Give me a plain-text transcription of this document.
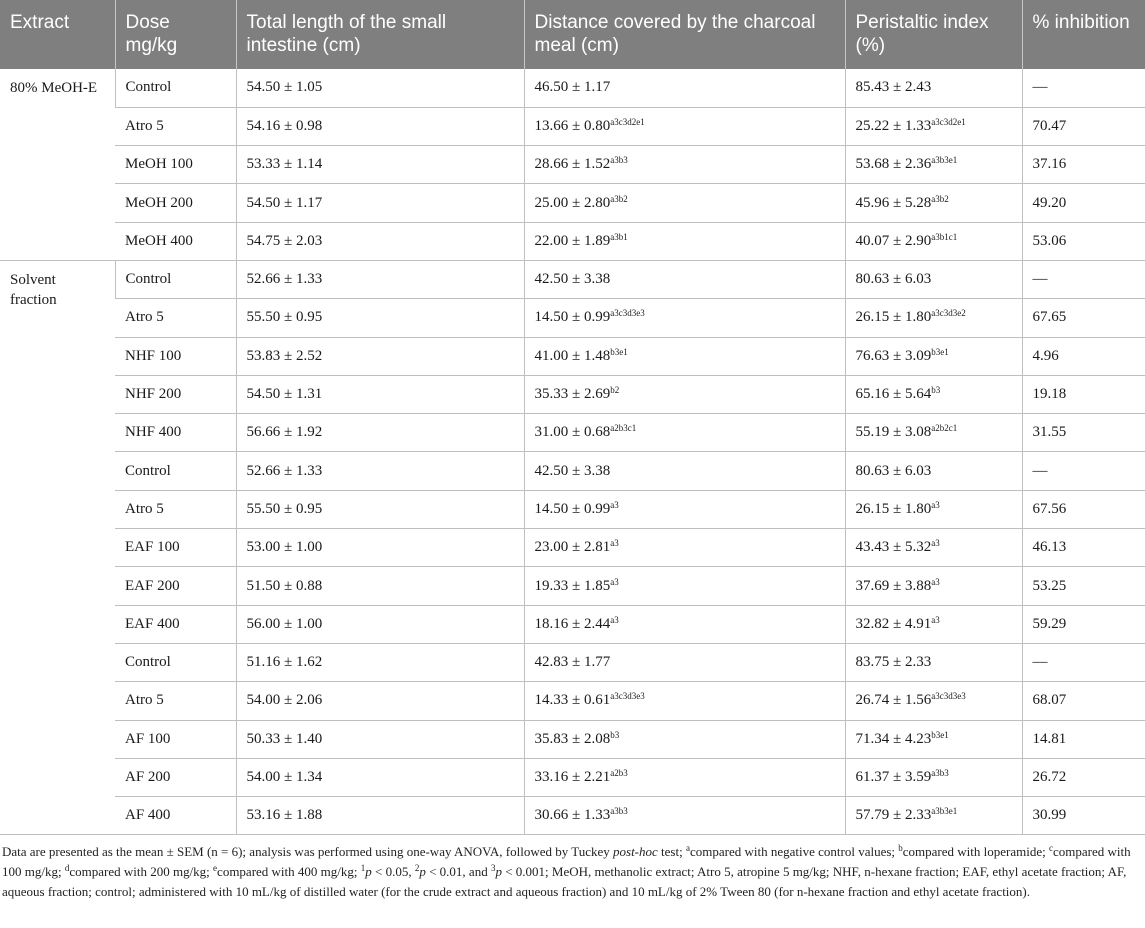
Extract	Dose mg/kg	Total length of the small intestine (cm)	Distance covered by the charcoal meal (cm)	Peristaltic index (%)	% inhibition
80% MeOH-E	Control	54.50 ± 1.05	46.50 ± 1.17	85.43 ± 2.43	—
	Atro 5	54.16 ± 0.98	$13.66 \pm 0.80^{a3c3d2e1}$	$25.22 \pm 1.33^{a3c3d2e1}$	70.47
	MeOH 100	53.33 ± 1.14	$28.66 \pm 1.52^{a3b3}$	$53.68 \pm 2.36^{a3b3e1}$	37.16
	MeOH 200	54.50 ± 1.17	$25.00 \pm 2.80^{a3b2}$	$45.96 \pm 5.28^{a3b2}$	49.20
	MeOH 400	54.75 ± 2.03	$22.00 \pm 1.89^{a3b1}$	$40.07 \pm 2.90^{a3b1c1}$	53.06
Solvent fraction	Control	52.66 ± 1.33	42.50 ± 3.38	80.63 ± 6.03	—
	Atro 5	55.50 ± 0.95	$14.50 \pm 0.99^{a3c3d3e3}$	$26.15 \pm 1.80^{a3c3d3e2}$	67.65
	NHF 100	53.83 ± 2.52	$41.00 \pm 1.48^{b3e1}$	$76.63 \pm 3.09^{b3e1}$	4.96
	NHF 200	54.50 ± 1.31	$35.33 \pm 2.69^{b2}$	$65.16 \pm 5.64^{b3}$	19.18
	NHF 400	56.66 ± 1.92	$31.00 \pm 0.68^{a2b3c1}$	$55.19 \pm 3.08^{a2b2c1}$	31.55
	Control	52.66 ± 1.33	42.50 ± 3.38	80.63 ± 6.03	—
	Atro 5	55.50 ± 0.95	$14.50 \pm 0.99^{a3}$	$26.15 \pm 1.80^{a3}$	67.56
	EAF 100	53.00 ± 1.00	$23.00 \pm 2.81^{a3}$	$43.43 \pm 5.32^{a3}$	46.13
	EAF 200	51.50 ± 0.88	$19.33 \pm 1.85^{a3}$	$37.69 \pm 3.88^{a3}$	53.25
	EAF 400	56.00 ± 1.00	$18.16 \pm 2.44^{a3}$	$32.82 \pm 4.91^{a3}$	59.29
	Control	51.16 ± 1.62	42.83 ± 1.77	83.75 ± 2.33	—
	Atro 5	54.00 ± 2.06	$14.33 \pm 0.61^{a3c3d3e3}$	$26.74 \pm 1.56^{a3c3d3e3}$	68.07
	AF 100	50.33 ± 1.40	$35.83 \pm 2.08^{b3}$	$71.34 \pm 4.23^{b3e1}$	14.81
	AF 200	54.00 ± 1.34	$33.16 \pm 2.21^{a2b3}$	$61.37 \pm 3.59^{a3b3}$	26.72
	AF 400	53.16 ± 1.88	$30.66 \pm 1.33^{a3b3}$	$57.79 \pm 2.33^{a3b3e1}$	30.99
Data are presented as the mean ± SEM (n = 6); analysis was performed using one-way ANOVA, followed by Tuckey post-hoc test; $^a$compared with negative control values; $^b$compared with loperamide; $^c$compared with 100 mg/kg; $^d$compared with 200 mg/kg; $^e$compared with 400 mg/kg; $^1$p < 0.05, $^2$p < 0.01, and $^3$p < 0.001; MeOH, methanolic extract; Atro 5, atropine 5 mg/kg; NHF, n-hexane fraction; EAF, ethyl acetate fraction; AF, aqueous fraction; control; administered with 10 mL/kg of distilled water (for the crude extract and aqueous fraction) and 10 mL/kg of 2% Tween 80 (for n-hexane fraction and ethyl acetate fraction).
